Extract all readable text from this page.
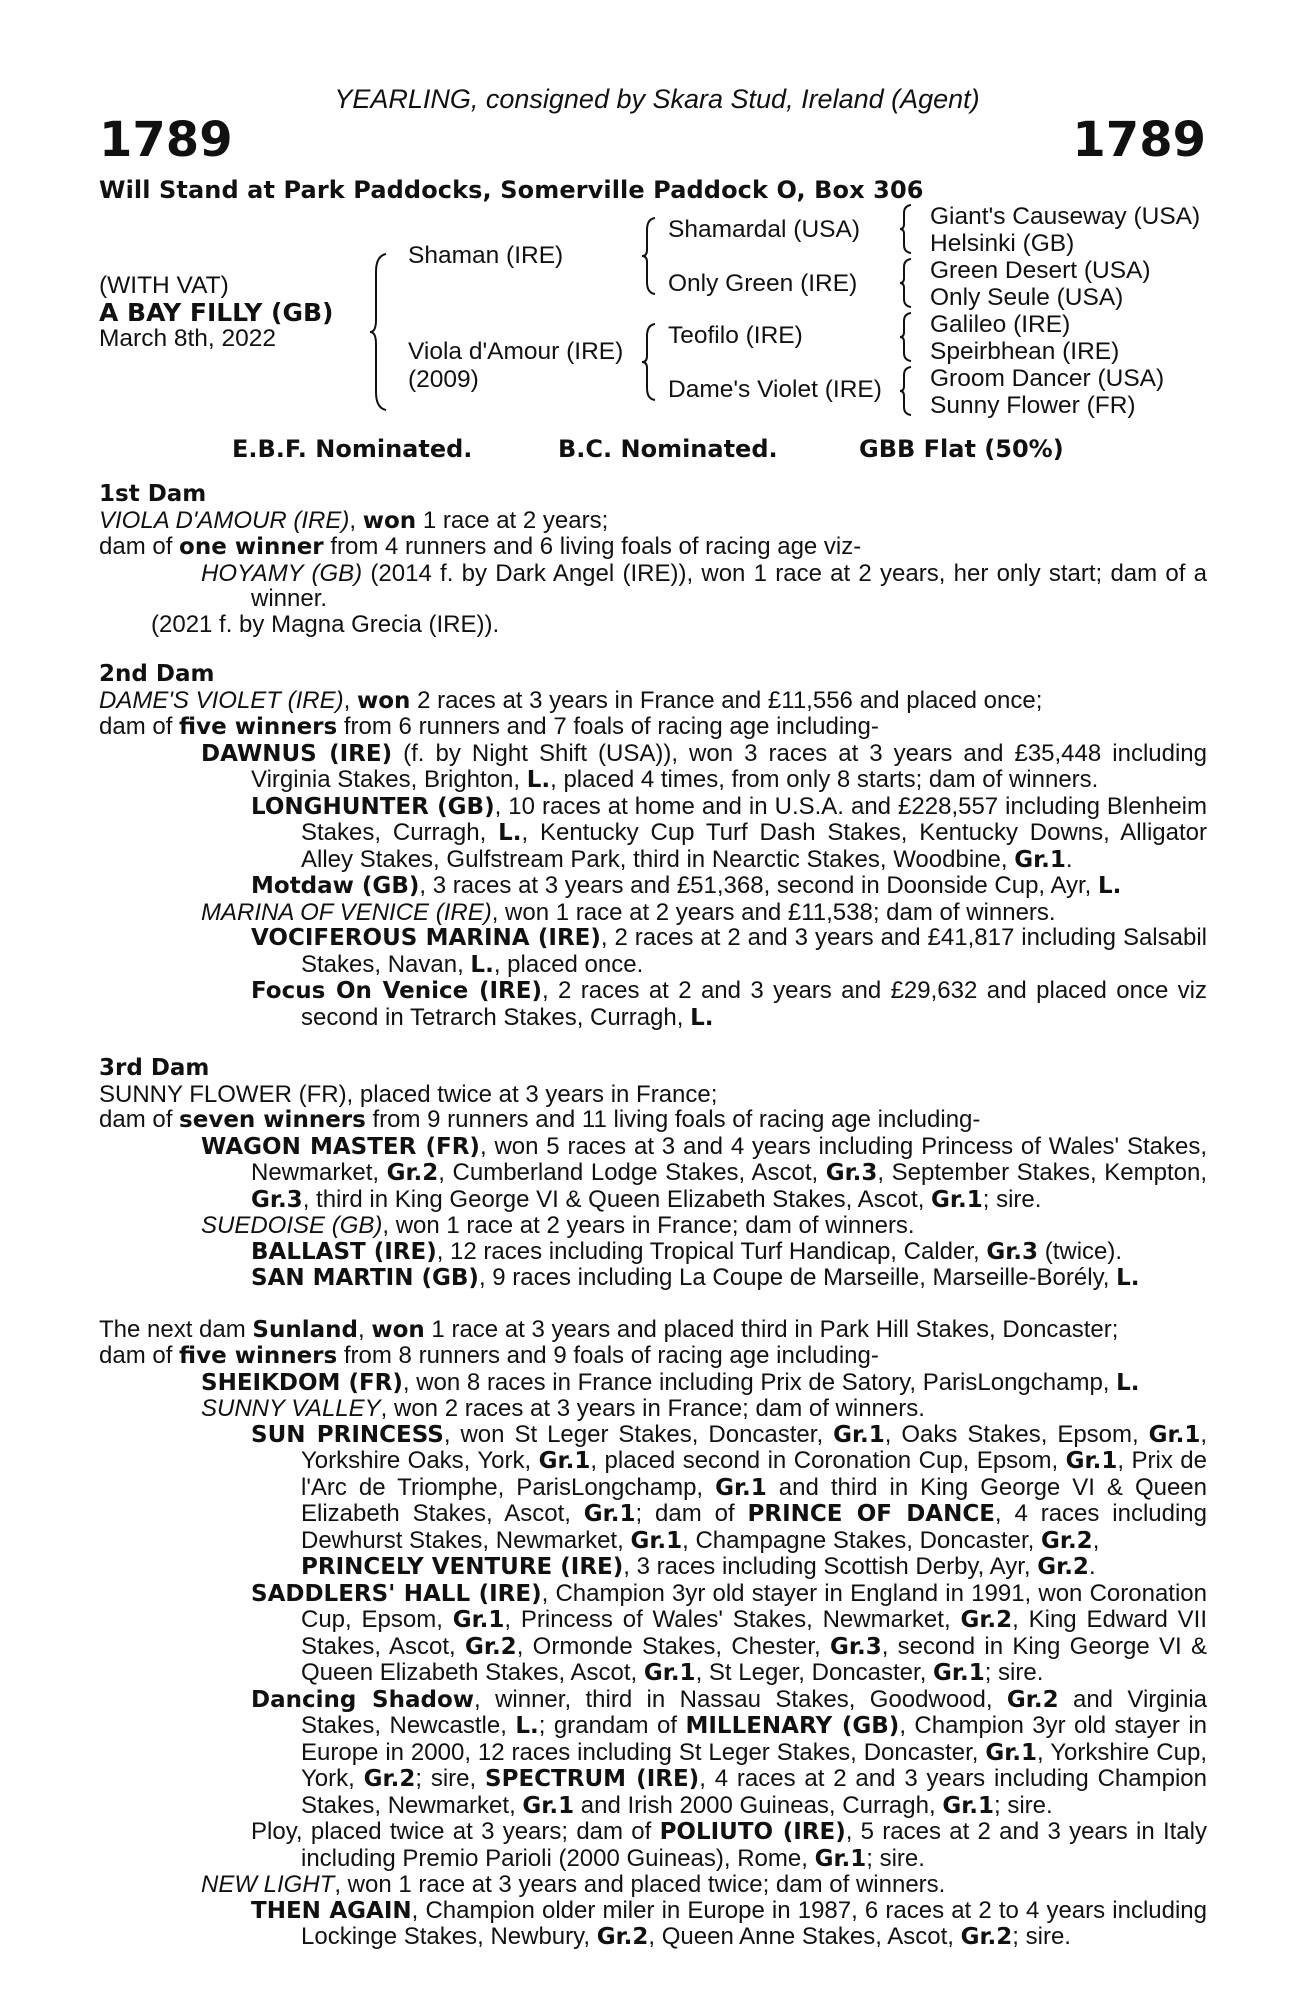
YEARLING, consigned by Skara Stud, Ireland (Agent)
1789	1789
Will Stand at Park Paddocks, Somerville Paddock O, Box 306
(WITH VAT)
A BAY FILLY (GB)
March 8th, 2022
Shaman (IRE)
Viola d'Amour (IRE)
(2009)
Shamardal (USA)
Only Green (IRE)
Teofilo (IRE)
Dame's Violet (IRE)
Giant's Causeway (USA)
Helsinki (GB)
Green Desert (USA)
Only Seule (USA)
Galileo (IRE)
Speirbhean (IRE)
Groom Dancer (USA)
Sunny Flower (FR)
E.B.F. Nominated.	B.C. Nominated.	GBB Flat (50%)
1st Dam
VIOLA D'AMOUR (IRE), won 1 race at 2 years;
dam of one winner from 4 runners and 6 living foals of racing age viz-
HOYAMY (GB) (2014 f. by Dark Angel (IRE)), won 1 race at 2 years, her only start; dam of a winner.
(2021 f. by Magna Grecia (IRE)).
2nd Dam
DAME'S VIOLET (IRE), won 2 races at 3 years in France and £11,556 and placed once;
dam of five winners from 6 runners and 7 foals of racing age including-
DAWNUS (IRE) (f. by Night Shift (USA)), won 3 races at 3 years and £35,448 including Virginia Stakes, Brighton, L., placed 4 times, from only 8 starts; dam of winners.
LONGHUNTER (GB), 10 races at home and in U.S.A. and £228,557 including Blenheim Stakes, Curragh, L., Kentucky Cup Turf Dash Stakes, Kentucky Downs, Alligator Alley Stakes, Gulfstream Park, third in Nearctic Stakes, Woodbine, Gr.1.
Motdaw (GB), 3 races at 3 years and £51,368, second in Doonside Cup, Ayr, L.
MARINA OF VENICE (IRE), won 1 race at 2 years and £11,538; dam of winners.
VOCIFEROUS MARINA (IRE), 2 races at 2 and 3 years and £41,817 including Salsabil Stakes, Navan, L., placed once.
Focus On Venice (IRE), 2 races at 2 and 3 years and £29,632 and placed once viz second in Tetrarch Stakes, Curragh, L.
3rd Dam
SUNNY FLOWER (FR), placed twice at 3 years in France;
dam of seven winners from 9 runners and 11 living foals of racing age including-
WAGON MASTER (FR), won 5 races at 3 and 4 years including Princess of Wales' Stakes, Newmarket, Gr.2, Cumberland Lodge Stakes, Ascot, Gr.3, September Stakes, Kempton, Gr.3, third in King George VI & Queen Elizabeth Stakes, Ascot, Gr.1; sire.
SUEDOISE (GB), won 1 race at 2 years in France; dam of winners.
BALLAST (IRE), 12 races including Tropical Turf Handicap, Calder, Gr.3 (twice).
SAN MARTIN (GB), 9 races including La Coupe de Marseille, Marseille-Borély, L.
The next dam Sunland, won 1 race at 3 years and placed third in Park Hill Stakes, Doncaster;
dam of five winners from 8 runners and 9 foals of racing age including-
SHEIKDOM (FR), won 8 races in France including Prix de Satory, ParisLongchamp, L.
SUNNY VALLEY, won 2 races at 3 years in France; dam of winners.
SUN PRINCESS, won St Leger Stakes, Doncaster, Gr.1, Oaks Stakes, Epsom, Gr.1, Yorkshire Oaks, York, Gr.1, placed second in Coronation Cup, Epsom, Gr.1, Prix de l'Arc de Triomphe, ParisLongchamp, Gr.1 and third in King George VI & Queen Elizabeth Stakes, Ascot, Gr.1; dam of PRINCE OF DANCE, 4 races including Dewhurst Stakes, Newmarket, Gr.1, Champagne Stakes, Doncaster, Gr.2,
PRINCELY VENTURE (IRE), 3 races including Scottish Derby, Ayr, Gr.2.
SADDLERS' HALL (IRE), Champion 3yr old stayer in England in 1991, won Coronation Cup, Epsom, Gr.1, Princess of Wales' Stakes, Newmarket, Gr.2, King Edward VII Stakes, Ascot, Gr.2, Ormonde Stakes, Chester, Gr.3, second in King George VI & Queen Elizabeth Stakes, Ascot, Gr.1, St Leger, Doncaster, Gr.1; sire.
Dancing Shadow, winner, third in Nassau Stakes, Goodwood, Gr.2 and Virginia Stakes, Newcastle, L.; grandam of MILLENARY (GB), Champion 3yr old stayer in Europe in 2000, 12 races including St Leger Stakes, Doncaster, Gr.1, Yorkshire Cup, York, Gr.2; sire, SPECTRUM (IRE), 4 races at 2 and 3 years including Champion Stakes, Newmarket, Gr.1 and Irish 2000 Guineas, Curragh, Gr.1; sire.
Ploy, placed twice at 3 years; dam of POLIUTO (IRE), 5 races at 2 and 3 years in Italy including Premio Parioli (2000 Guineas), Rome, Gr.1; sire.
NEW LIGHT, won 1 race at 3 years and placed twice; dam of winners.
THEN AGAIN, Champion older miler in Europe in 1987, 6 races at 2 to 4 years including Lockinge Stakes, Newbury, Gr.2, Queen Anne Stakes, Ascot, Gr.2; sire.
